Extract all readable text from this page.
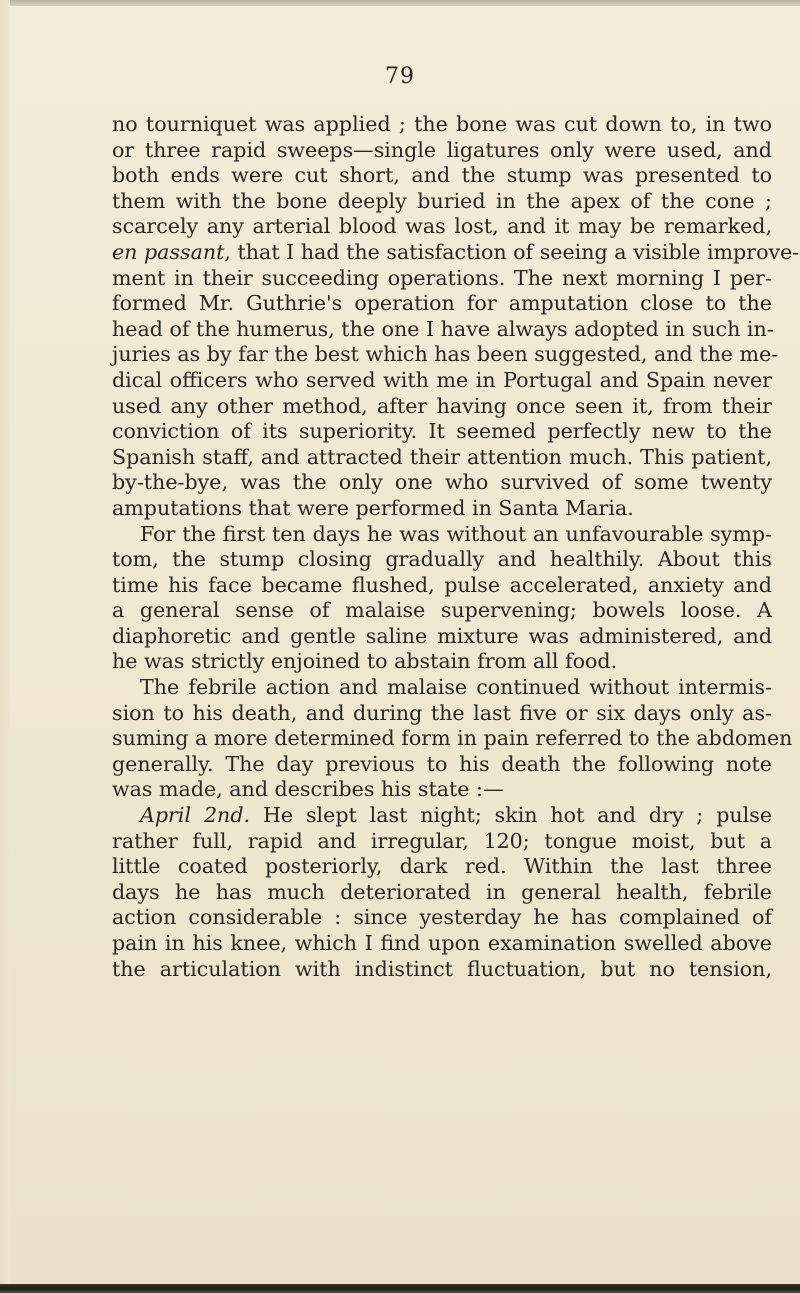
79
no tourniquet was applied ; the bone was cut down to, in two
or three rapid sweeps—single ligatures only were used, and
both ends were cut short, and the stump was presented to
them with the bone deeply buried in the apex of the cone ;
scarcely any arterial blood was lost, and it may be remarked,
en passant, that I had the satisfaction of seeing a visible improve-
ment in their succeeding operations. The next morning I per-
formed Mr. Guthrie's operation for amputation close to the
head of the humerus, the one I have always adopted in such in-
juries as by far the best which has been suggested, and the me-
dical officers who served with me in Portugal and Spain never
used any other method, after having once seen it, from their
conviction of its superiority. It seemed perfectly new to the
Spanish staff, and attracted their attention much. This patient,
by-the-bye, was the only one who survived of some twenty
amputations that were performed in Santa Maria.
For the first ten days he was without an unfavourable symp-
tom, the stump closing gradually and healthily. About this
time his face became flushed, pulse accelerated, anxiety and
a general sense of malaise supervening; bowels loose. A
diaphoretic and gentle saline mixture was administered, and
he was strictly enjoined to abstain from all food.
The febrile action and malaise continued without intermis-
sion to his death, and during the last five or six days only as-
suming a more determined form in pain referred to the abdomen
generally. The day previous to his death the following note
was made, and describes his state :—
April 2nd. He slept last night; skin hot and dry ; pulse
rather full, rapid and irregular, 120; tongue moist, but a
little coated posteriorly, dark red. Within the last three
days he has much deteriorated in general health, febrile
action considerable : since yesterday he has complained of
pain in his knee, which I find upon examination swelled above
the articulation with indistinct fluctuation, but no tension,
